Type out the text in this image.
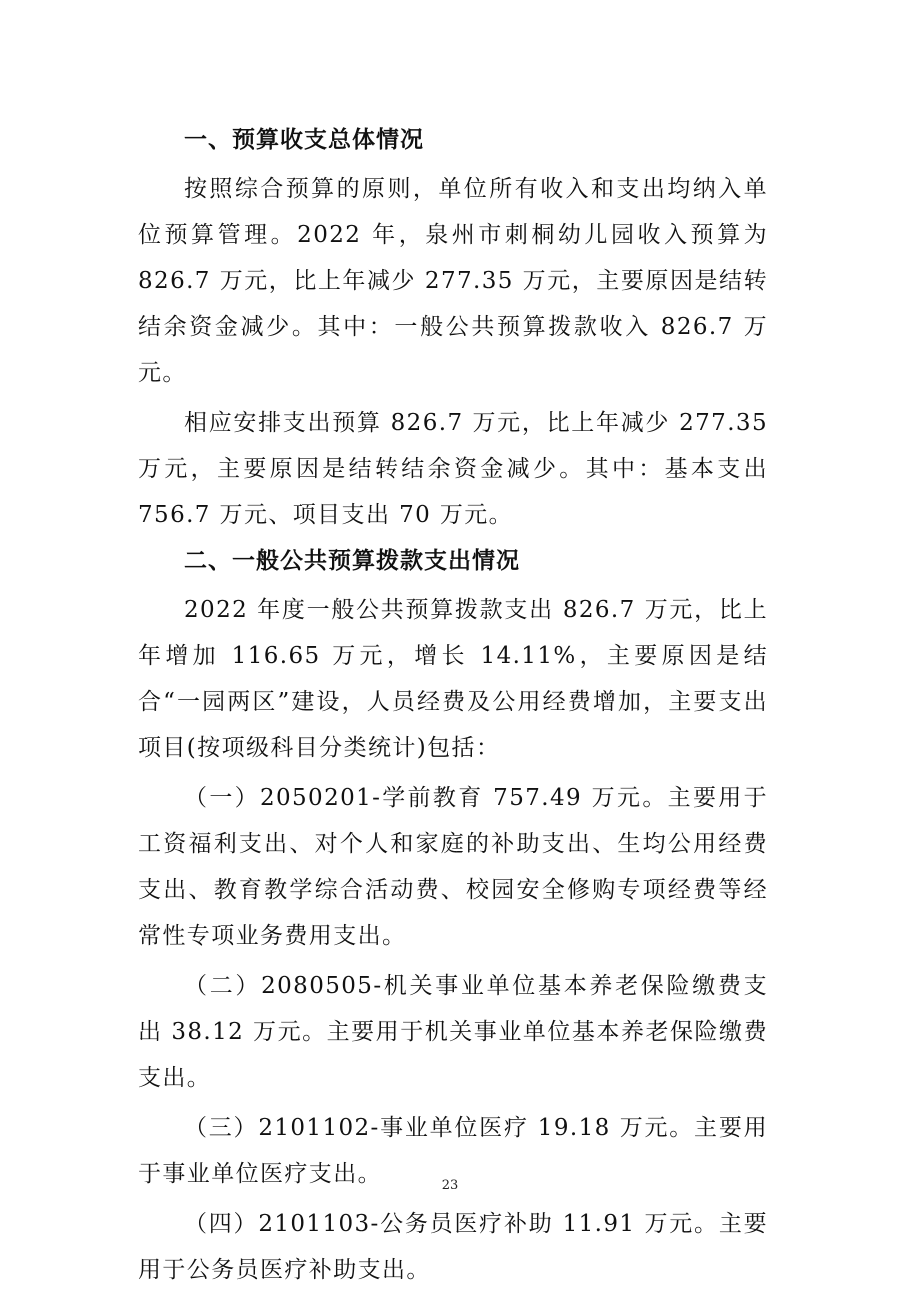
一、预算收支总体情况

按照综合预算的原则，单位所有收入和支出均纳入单位预算管理。2022 年，泉州市刺桐幼儿园收入预算为 826.7 万元，比上年减少 277.35 万元，主要原因是结转结余资金减少。其中：一般公共预算拨款收入 826.7 万元。

相应安排支出预算 826.7 万元，比上年减少 277.35 万元，主要原因是结转结余资金减少。其中：基本支出 756.7 万元、项目支出 70 万元。

二、一般公共预算拨款支出情况

2022 年度一般公共预算拨款支出 826.7 万元，比上年增加 116.65 万元，增长 14.11%，主要原因是结合“一园两区”建设，人员经费及公用经费增加，主要支出项目(按项级科目分类统计)包括：

（一）2050201-学前教育 757.49 万元。主要用于工资福利支出、对个人和家庭的补助支出、生均公用经费支出、教育教学综合活动费、校园安全修购专项经费等经常性专项业务费用支出。

（二）2080505-机关事业单位基本养老保险缴费支出 38.12 万元。主要用于机关事业单位基本养老保险缴费支出。

（三）2101102-事业单位医疗 19.18 万元。主要用于事业单位医疗支出。

（四）2101103-公务员医疗补助 11.91 万元。主要用于公务员医疗补助支出。

23
